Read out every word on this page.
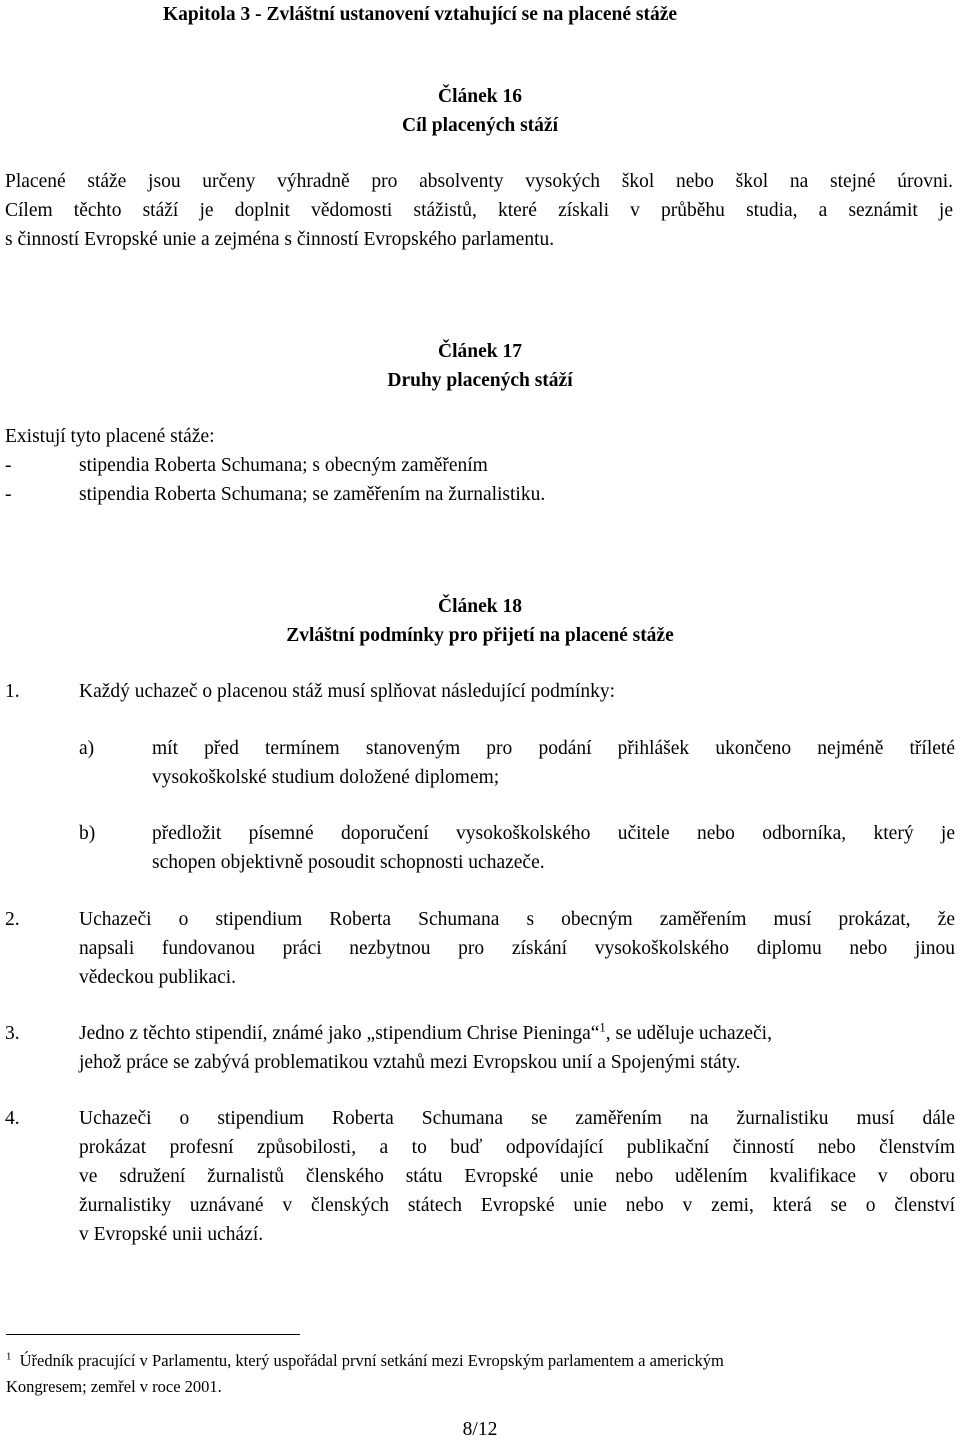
Kapitola 3 - Zvláštní ustanovení vztahující se na placené stáže
Článek 16
Cíl placených stáží
Placené stáže jsou určeny výhradně pro absolventy vysokých škol nebo škol na stejné úrovni.
Cílem těchto stáží je doplnit vědomosti stážistů, které získali v průběhu studia, a seznámit je
s činností Evropské unie a zejména s činností Evropského parlamentu.
Článek 17
Druhy placených stáží
Existují tyto placené stáže:
-	stipendia Roberta Schumana; s obecným zaměřením
-	stipendia Roberta Schumana; se zaměřením na žurnalistiku.
Článek 18
Zvláštní podmínky pro přijetí na placené stáže
1.	Každý uchazeč o placenou stáž musí splňovat následující podmínky:
a)	mít před termínem stanoveným pro podání přihlášek ukončeno nejméně tříleté
vysokoškolské studium doložené diplomem;
b)	předložit písemné doporučení vysokoškolského učitele nebo odborníka, který je
schopen objektivně posoudit schopnosti uchazeče.
2.	Uchazeči o stipendium Roberta Schumana s obecným zaměřením musí prokázat, že
napsali fundovanou práci nezbytnou pro získání vysokoškolského diplomu nebo jinou
vědeckou publikaci.
3.	Jedno z těchto stipendií, známé jako „stipendium Chrise Pieninga“$^1$, se uděluje uchazeči,
jehož práce se zabývá problematikou vztahů mezi Evropskou unií a Spojenými státy.
4.	Uchazeči o stipendium Roberta Schumana se zaměřením na žurnalistiku musí dále
prokázat profesní způsobilosti, a to buď odpovídající publikační činností nebo členstvím
ve sdružení žurnalistů členského státu Evropské unie nebo udělením kvalifikace v oboru
žurnalistiky uznávané v členských státech Evropské unie nebo v zemi, která se o členství
v Evropské unii uchází.
$^1$ Úředník pracující v Parlamentu, který uspořádal první setkání mezi Evropským parlamentem a americkým
Kongresem; zemřel v roce 2001.
8/12
